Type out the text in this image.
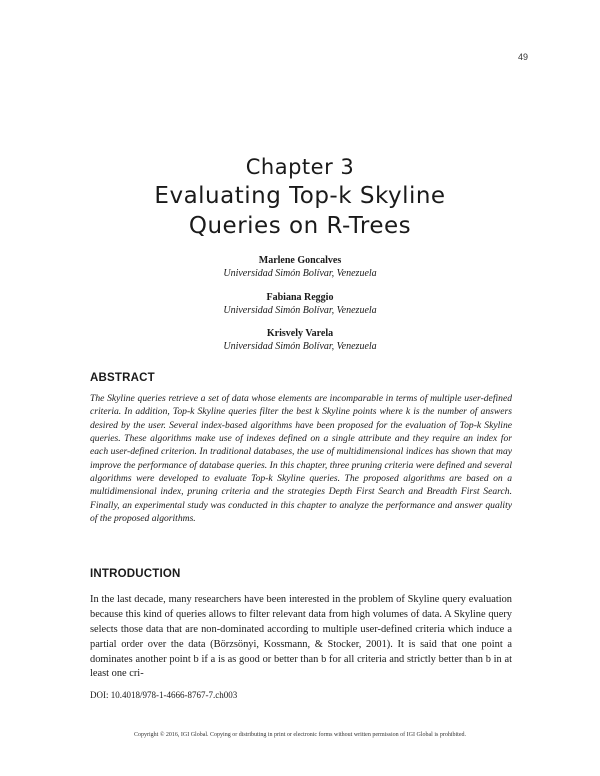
49
Chapter 3
Evaluating Top-k Skyline
Queries on R-Trees
Marlene Goncalves
Universidad Simón Bolívar, Venezuela
Fabiana Reggio
Universidad Simón Bolívar, Venezuela
Krisvely Varela
Universidad Simón Bolívar, Venezuela
ABSTRACT

The Skyline queries retrieve a set of data whose elements are incomparable in terms of multiple user-defined criteria. In addition, Top-k Skyline queries filter the best k Skyline points where k is the number of answers desired by the user. Several index-based algorithms have been proposed for the evaluation of Top-k Skyline queries. These algorithms make use of indexes defined on a single attribute and they require an index for each user-defined criterion. In traditional databases, the use of multidimensional indices has shown that may improve the performance of database queries. In this chapter, three pruning criteria were defined and several algorithms were developed to evaluate Top-k Skyline queries. The proposed algorithms are based on a multidimensional index, pruning criteria and the strategies Depth First Search and Breadth First Search. Finally, an experimental study was conducted in this chapter to analyze the performance and answer quality of the proposed algorithms.

INTRODUCTION

In the last decade, many researchers have been interested in the problem of Skyline query evaluation because this kind of queries allows to filter relevant data from high volumes of data. A Skyline query selects those data that are non-dominated according to multiple user-defined criteria which induce a partial order over the data (Börzsönyi, Kossmann, & Stocker, 2001). It is said that one point a dominates another point b if a is as good or better than b for all criteria and strictly better than b in at least one cri-

DOI: 10.4018/978-1-4666-8767-7.ch003
Copyright © 2016, IGI Global. Copying or distributing in print or electronic forms without written permission of IGI Global is prohibited.
